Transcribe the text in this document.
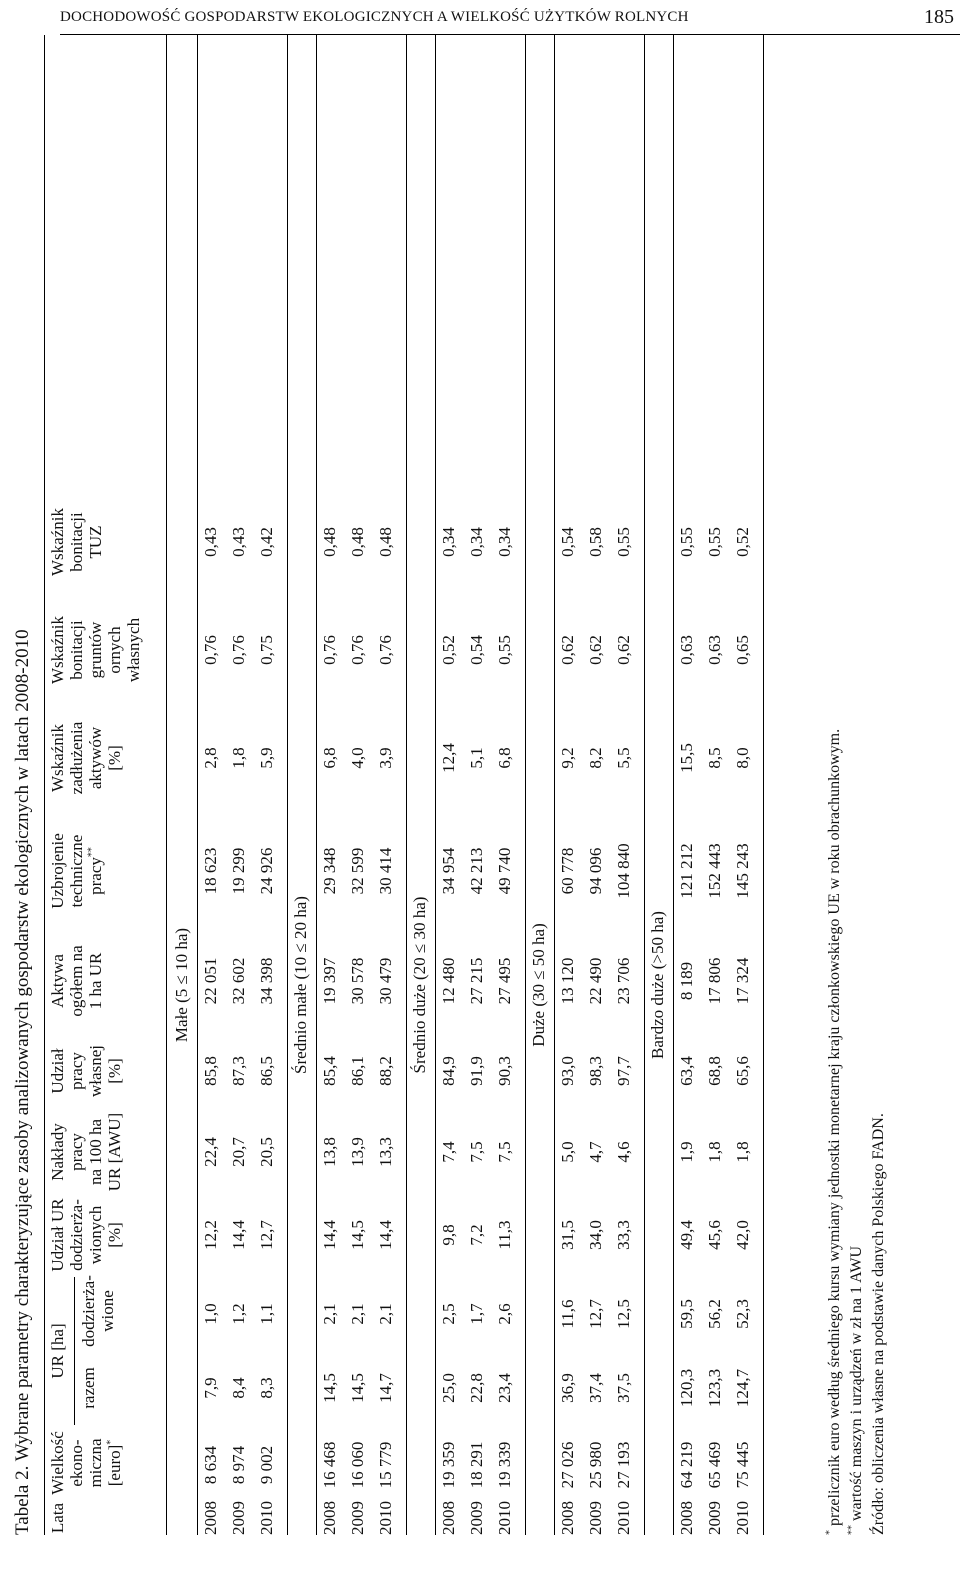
DOCHODOWOŚĆ GOSPODARSTW EKOLOGICZNYCH A WIELKOŚĆ UŻYTKÓW ROLNYCH	185
Tabela 2. Wybrane parametry charakteryzujące zasoby analizowanych gospodarstw ekologicznych w latach 2008-2010 Lata
Wielkość ekono- miczna [euro]*
UR [ha]
razem
dodzierża- wione
Udział UR dodzierża- wionych [%]
Nakłady pracy na 100 ha UR [AWU]
Udział pracy własnej [%]
Aktywa ogółem na 1 ha UR
Uzbrojenie techniczne pracy**
Wskaźnik zadłużenia aktywów [%]
Wskaźnik bonitacji gruntów ornych własnych
Wskaźnik bonitacji TUZ
Małe (5 ≤ 10 ha)
2008
8 634
7,9
1,0
12,2
22,4
85,8
22 051
18 623
2,8
0,76
0,43
2009
8 974
8,4
1,2
14,4
20,7
87,3
32 602
19 299
1,8
0,76
0,43
2010
9 002
8,3
1,1
12,7
20,5
86,5
34 398
24 926
5,9
0,75
0,42
Średnio małe (10 ≤ 20 ha)
2008
16 468
14,5
2,1
14,4
13,8
85,4
19 397
29 348
6,8
0,76
0,48
2009
16 060
14,5
2,1
14,5
13,9
86,1
30 578
32 599
4,0
0,76
0,48
2010
15 779
14,7
2,1
14,4
13,3
88,2
30 479
30 414
3,9
0,76
0,48
Średnio duże (20 ≤ 30 ha)
2008
19 359
25,0
2,5
9,8
7,4
84,9
12 480
34 954
12,4
0,52
0,34
2009
18 291
22,8
1,7
7,2
7,5
91,9
27 215
42 213
5,1
0,54
0,34
2010
19 339
23,4
2,6
11,3
7,5
90,3
27 495
49 740
6,8
0,55
0,34
Duże (30 ≤ 50 ha)
2008
27 026
36,9
11,6
31,5
5,0
93,0
13 120
60 778
9,2
0,62
0,54
2009
25 980
37,4
12,7
34,0
4,7
98,3
22 490
94 096
8,2
0,62
0,58
2010
27 193
37,5
12,5
33,3
4,6
97,7
23 706
104 840
5,5
0,62
0,55
Bardzo duże (>50 ha)
2008
64 219
120,3
59,5
49,4
1,9
63,4
8 189
121 212
15,5
0,63
0,55
2009
65 469
123,3
56,2
45,6
1,8
68,8
17 806
152 443
8,5
0,63
0,55
2010
75 445
124,7
52,3
42,0
1,8
65,6
17 324
145 243
8,0
0,65
0,52
* przelicznik euro według średniego kursu wymiany jednostki monetarnej kraju członkowskiego UE w roku obrachunkowym.
** wartość maszyn i urządzeń w zł na 1 AWU Źródło: obliczenia własne na podstawie danych Polskiego FADN.
